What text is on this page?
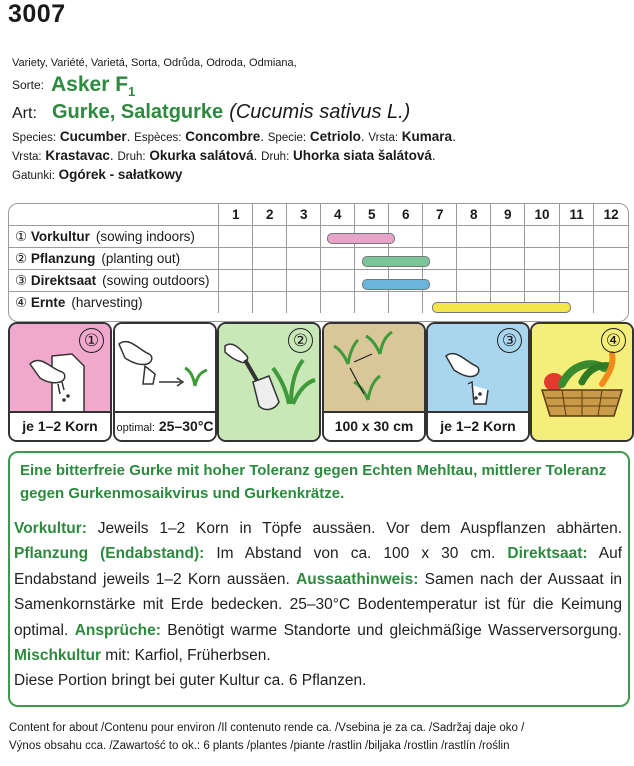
3007
Variety, Variété, Varietá, Sorta, Odrůda, Odroda, Odmiana,
Sorte: Asker $F_1$
Art: Gurke, Salatgurke (Cucumis sativus L.)
Species: Cucumber. Espèces: Concombre. Specie: Cetriolo. Vrsta: Kumara.
Vrsta: Krastavac. Druh: Okurka salátová. Druh: Uhorka siata šalátová.
Gatunki: Ogórek - sałatkowy
	1	2	3	4	5	6	7	8	9	10	11	12
① Vorkultur (sowing indoors)												
② Pflanzung (planting out)												
③ Direktsaat (sowing outdoors)												
④ Ernte (harvesting)												
①
je 1–2 Korn	optimal: 25–30°C
②
100 x 30 cm
③
je 1–2 Korn
④
Eine bitterfreie Gurke mit hoher Toleranz gegen Echten Mehltau, mittlerer Toleranz gegen Gurkenmosaikvirus und Gurkenkrätze.

Vorkultur: Jeweils 1–2 Korn in Töpfe aussäen. Vor dem Auspflanzen abhärten. Pflanzung (Endabstand): Im Abstand von ca. 100 x 30 cm. Direktsaat: Auf Endabstand jeweils 1–2 Korn aussäen. Aussaathinweis: Samen nach der Aussaat in Samenkornstärke mit Erde bedecken. 25–30°C Bodentemperatur ist für die Keimung optimal. Ansprüche: Benötigt warme Standorte und gleichmäßige Wasserversorgung. Mischkultur mit: Karfiol, Früherbsen.

Diese Portion bringt bei guter Kultur ca. 6 Pflanzen.

Content for about /Contenu pour environ /Il contenuto rende ca. /Vsebina je za ca. /Sadržaj daje oko /
Výnos obsahu cca. /Zawartość to ok.: 6 plants /plantes /piante /rastlin /biljaka /rostlin /rastlín /roślin
